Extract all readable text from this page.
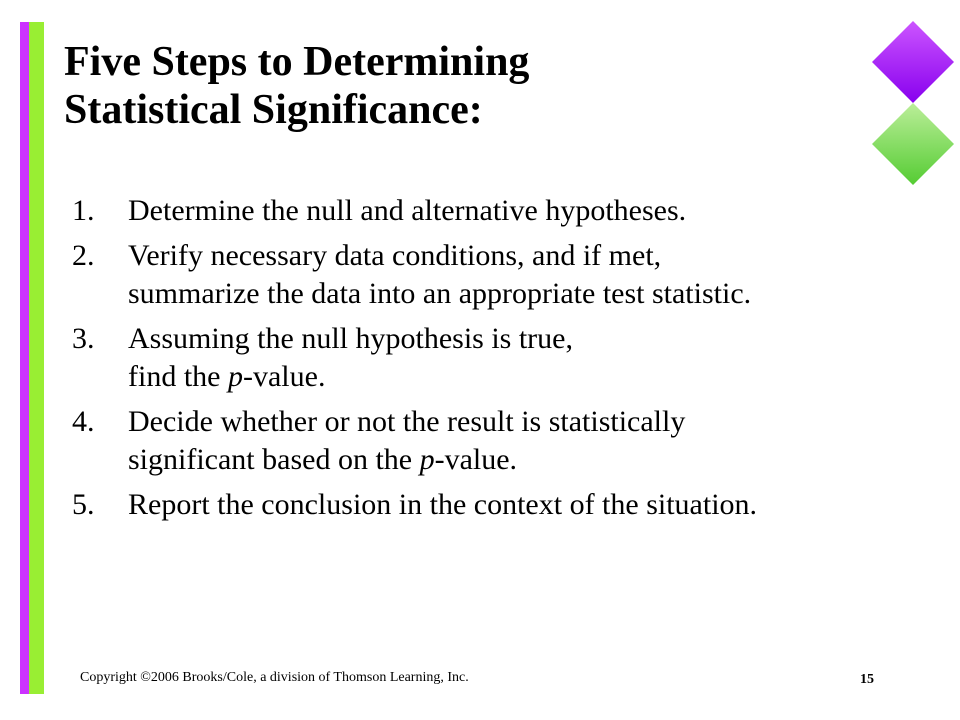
Five Steps to Determining
Statistical Significance:
1. Determine the null and alternative hypotheses.
2. Verify necessary data conditions, and if met,
summarize the data into an appropriate test statistic.
3. Assuming the null hypothesis is true,
find the p-value.
4. Decide whether or not the result is statistically
significant based on the p-value.
5. Report the conclusion in the context of the situation.
Copyright ©2006 Brooks/Cole, a division of Thomson Learning, Inc.	15
